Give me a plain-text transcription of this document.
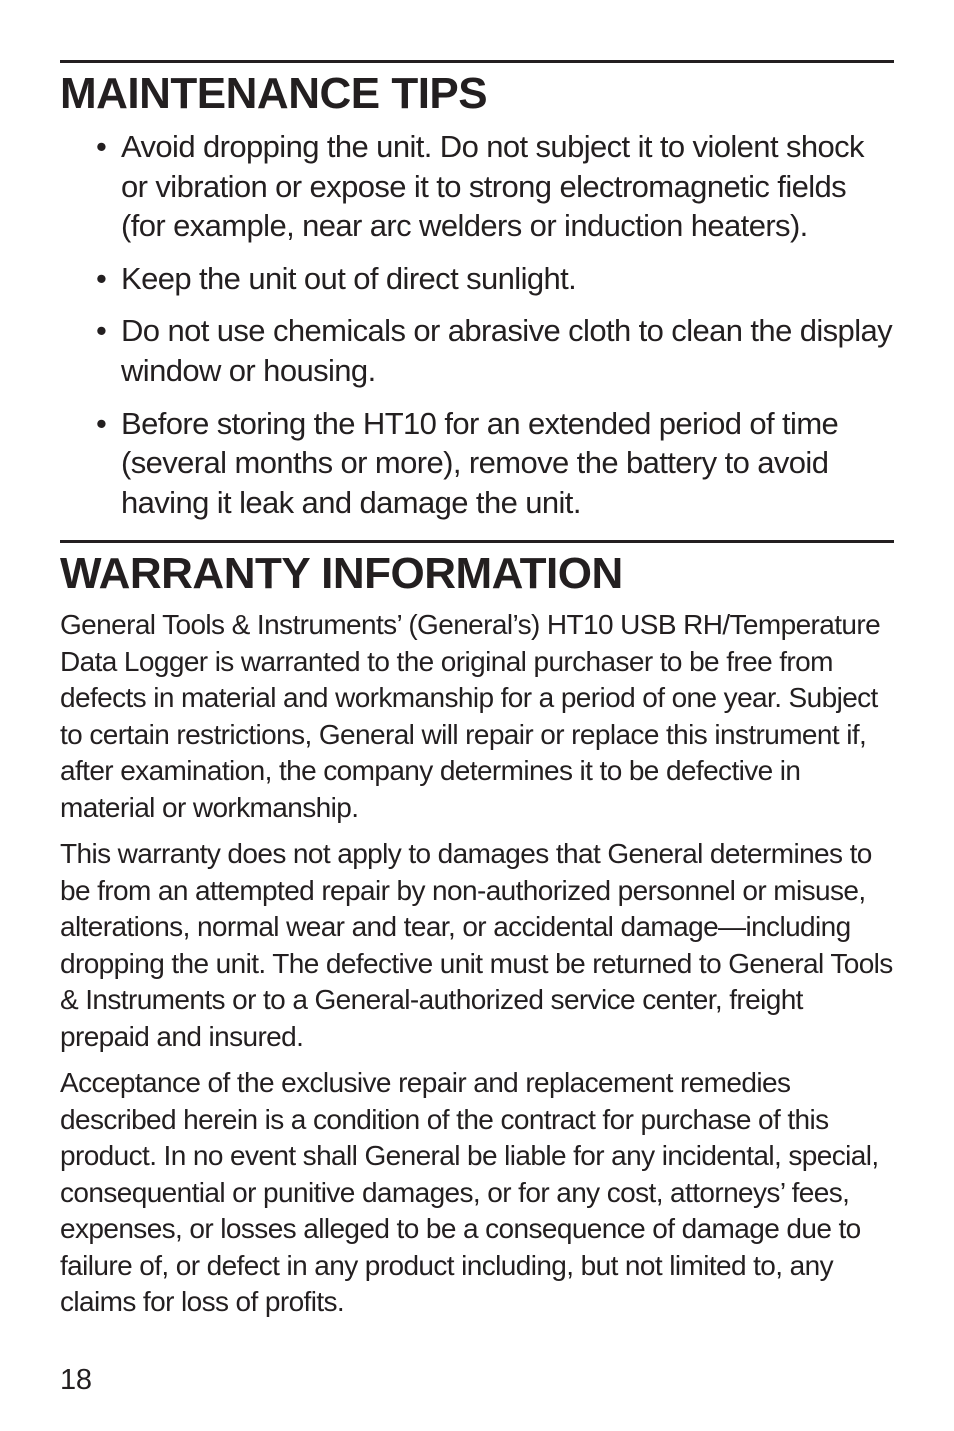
MAINTENANCE TIPS
• Avoid dropping the unit. Do not subject it to violent shock or vibration or expose it to strong electromagnetic fields (for example, near arc welders or induction heaters).
• Keep the unit out of direct sunlight.
• Do not use chemicals or abrasive cloth to clean the display window or housing.
• Before storing the HT10 for an extended period of time (several months or more), remove the battery to avoid having it leak and damage the unit.
WARRANTY INFORMATION

General Tools & Instruments’ (General’s) HT10 USB RH/Temperature Data Logger is warranted to the original purchaser to be free from defects in material and workmanship for a period of one year. Subject to certain restrictions, General will repair or replace this instrument if, after examination, the company determines it to be defective in material or workmanship.

This warranty does not apply to damages that General determines to be from an attempted repair by non-authorized personnel or misuse, alterations, normal wear and tear, or accidental damage—including dropping the unit. The defective unit must be returned to General Tools & Instruments or to a General-authorized service center, freight prepaid and insured.

Acceptance of the exclusive repair and replacement remedies described herein is a condition of the contract for purchase of this product. In no event shall General be liable for any incidental, special, consequential or punitive damages, or for any cost, attorneys’ fees, expenses, or losses alleged to be a consequence of damage due to failure of, or defect in any product including, but not limited to, any claims for loss of profits.

18
